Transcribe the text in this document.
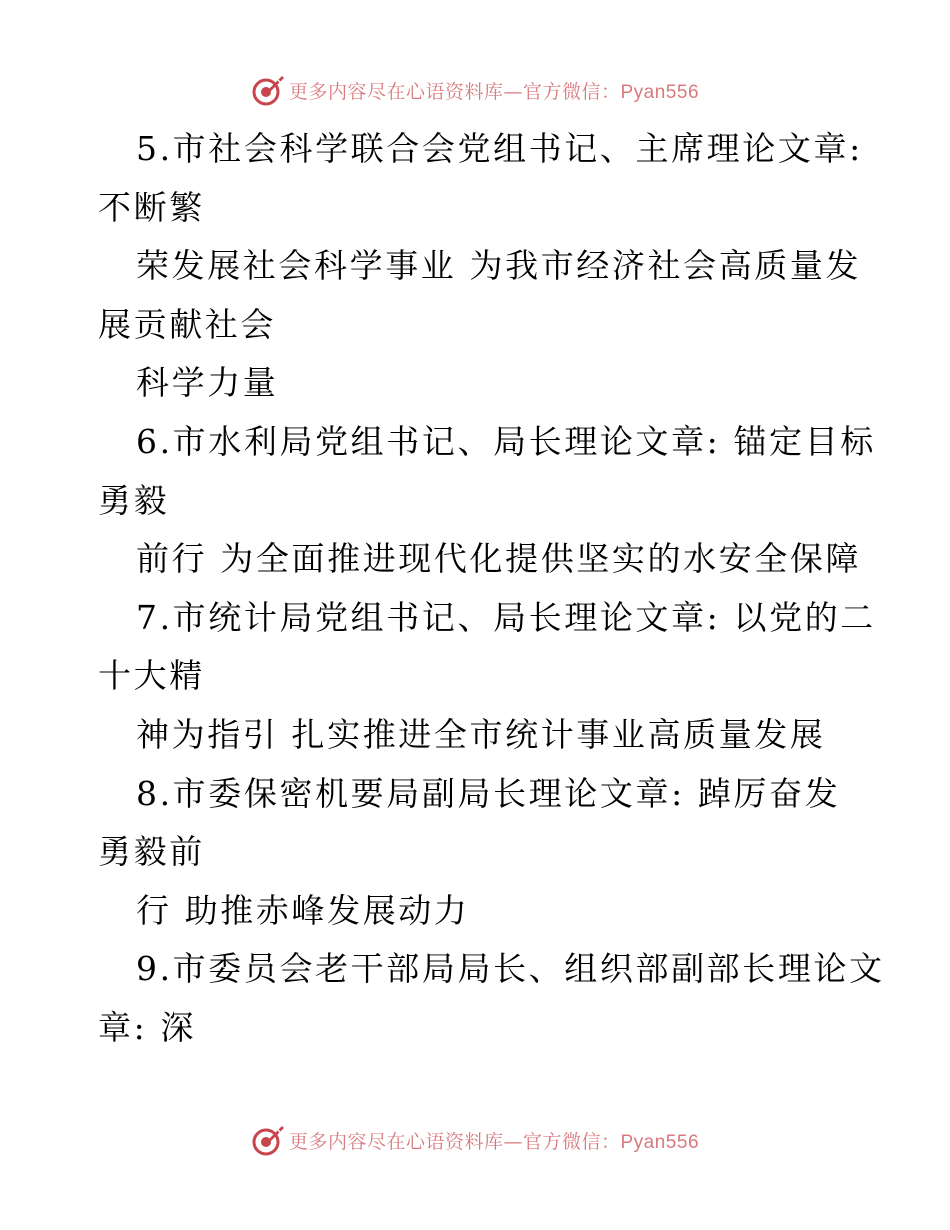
更多内容尽在心语资料库—官方微信：Pyan556
5.市社会科学联合会党组书记、主席理论文章:
不断繁
荣发展社会科学事业 为我市经济社会高质量发
展贡献社会
科学力量
6.市水利局党组书记、局长理论文章: 锚定目标
勇毅
前行 为全面推进现代化提供坚实的水安全保障
7.市统计局党组书记、局长理论文章: 以党的二
十大精
神为指引 扎实推进全市统计事业高质量发展
8.市委保密机要局副局长理论文章: 踔厉奋发
勇毅前
行 助推赤峰发展动力
9.市委员会老干部局局长、组织部副部长理论文
章: 深
更多内容尽在心语资料库—官方微信：Pyan556
